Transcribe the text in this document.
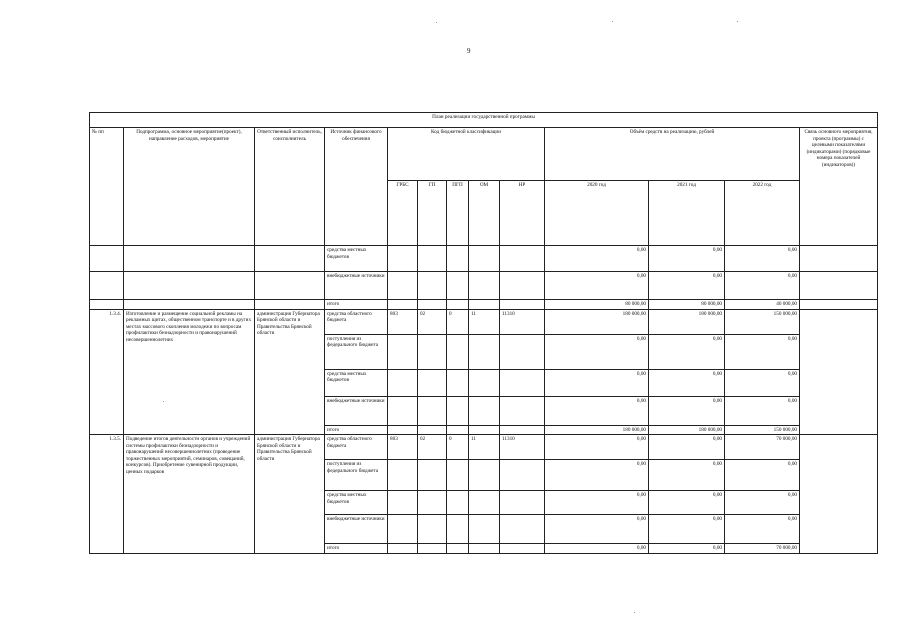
9
План реализации государственной программы												
№ пп	Подпрограмма, основное мероприятие(проект), направление расходов, мероприятие	Ответственный исполнитель, соисполнитель	Источник финансового обеспечения	Код бюджетной классификации					Объём средств на реализацию, рублей			Связь основного мероприятия, проекта (программы) с целевыми показателями (индикаторами) (порядковые номера показателей (индикаторов))
				ГРБС	ГП	ПГП	ОМ	НР	2020 год	2021 год	2022 год	
			средства местных бюджетов						0,00	0,00	0,00	
			внебюджетные источники						0,00	0,00	0,00	
			итого						80 000,00	80 000,00	40 000,00	
1.3.4.	Изготовление и размещение социальной рекламы на рекламных щитах, общественном транспорте и в других местах массового скопления молодежи по вопросам профилактики безнадзорности и правонарушений несовершеннолетних	администрация Губернатора Брянской области и Правительства Брянской области	средства областного бюджета	803	02	0	11	11310	180 000,00	180 000,00	150 000,00	
			поступления из федерального бюджета						0,00	0,00	0,00	
			средства местных бюджетов						0,00	0,00	0,00	
			внебюджетные источники						0,00	0,00	0,00	
			итого						180 000,00	180 000,00	150 000,00	
1.3.5.	Подведение итогов деятельности органов и учреждений системы профилактики безнадзорности и правонарушений несовершеннолетних (проведение торжественных мероприятий, семинаров, совещаний, конкурсов). Приобретение сувенирной продукции, ценных подарков	администрация Губернатора Брянской области и Правительства Брянской области	средства областного бюджета	803	02	0	11	11310	0,00	0,00	70 000,00	
			поступления из федерального бюджета						0,00	0,00	0,00	
			средства местных бюджетов						0,00	0,00	0,00	
			внебюджетные источники						0,00	0,00	0,00	
			итого						0,00	0,00	70 000,00	
